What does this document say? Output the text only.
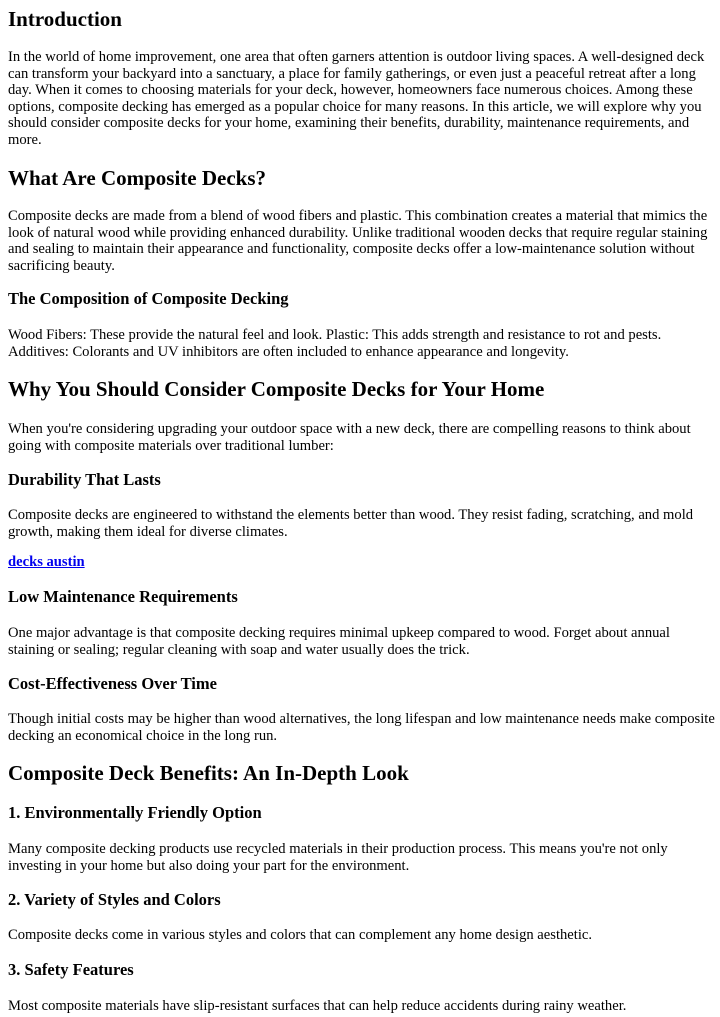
Introduction

In the world of home improvement, one area that often garners attention is outdoor living spaces. A well-designed deck can transform your backyard into a sanctuary, a place for family gatherings, or even just a peaceful retreat after a long day. When it comes to choosing materials for your deck, however, homeowners face numerous choices. Among these options, composite decking has emerged as a popular choice for many reasons. In this article, we will explore why you should consider composite decks for your home, examining their benefits, durability, maintenance requirements, and more.

What Are Composite Decks?

Composite decks are made from a blend of wood fibers and plastic. This combination creates a material that mimics the look of natural wood while providing enhanced durability. Unlike traditional wooden decks that require regular staining and sealing to maintain their appearance and functionality, composite decks offer a low-maintenance solution without sacrificing beauty.

The Composition of Composite Decking

Wood Fibers: These provide the natural feel and look. Plastic: This adds strength and resistance to rot and pests. Additives: Colorants and UV inhibitors are often included to enhance appearance and longevity.

Why You Should Consider Composite Decks for Your Home

When you're considering upgrading your outdoor space with a new deck, there are compelling reasons to think about going with composite materials over traditional lumber:

Durability That Lasts

Composite decks are engineered to withstand the elements better than wood. They resist fading, scratching, and mold growth, making them ideal for diverse climates.

decks austin
Low Maintenance Requirements

One major advantage is that composite decking requires minimal upkeep compared to wood. Forget about annual staining or sealing; regular cleaning with soap and water usually does the trick.

Cost-Effectiveness Over Time

Though initial costs may be higher than wood alternatives, the long lifespan and low maintenance needs make composite decking an economical choice in the long run.

Composite Deck Benefits: An In-Depth Look
1. Environmentally Friendly Option

Many composite decking products use recycled materials in their production process. This means you're not only investing in your home but also doing your part for the environment.

2. Variety of Styles and Colors

Composite decks come in various styles and colors that can complement any home design aesthetic.

3. Safety Features

Most composite materials have slip-resistant surfaces that can help reduce accidents during rainy weather.
